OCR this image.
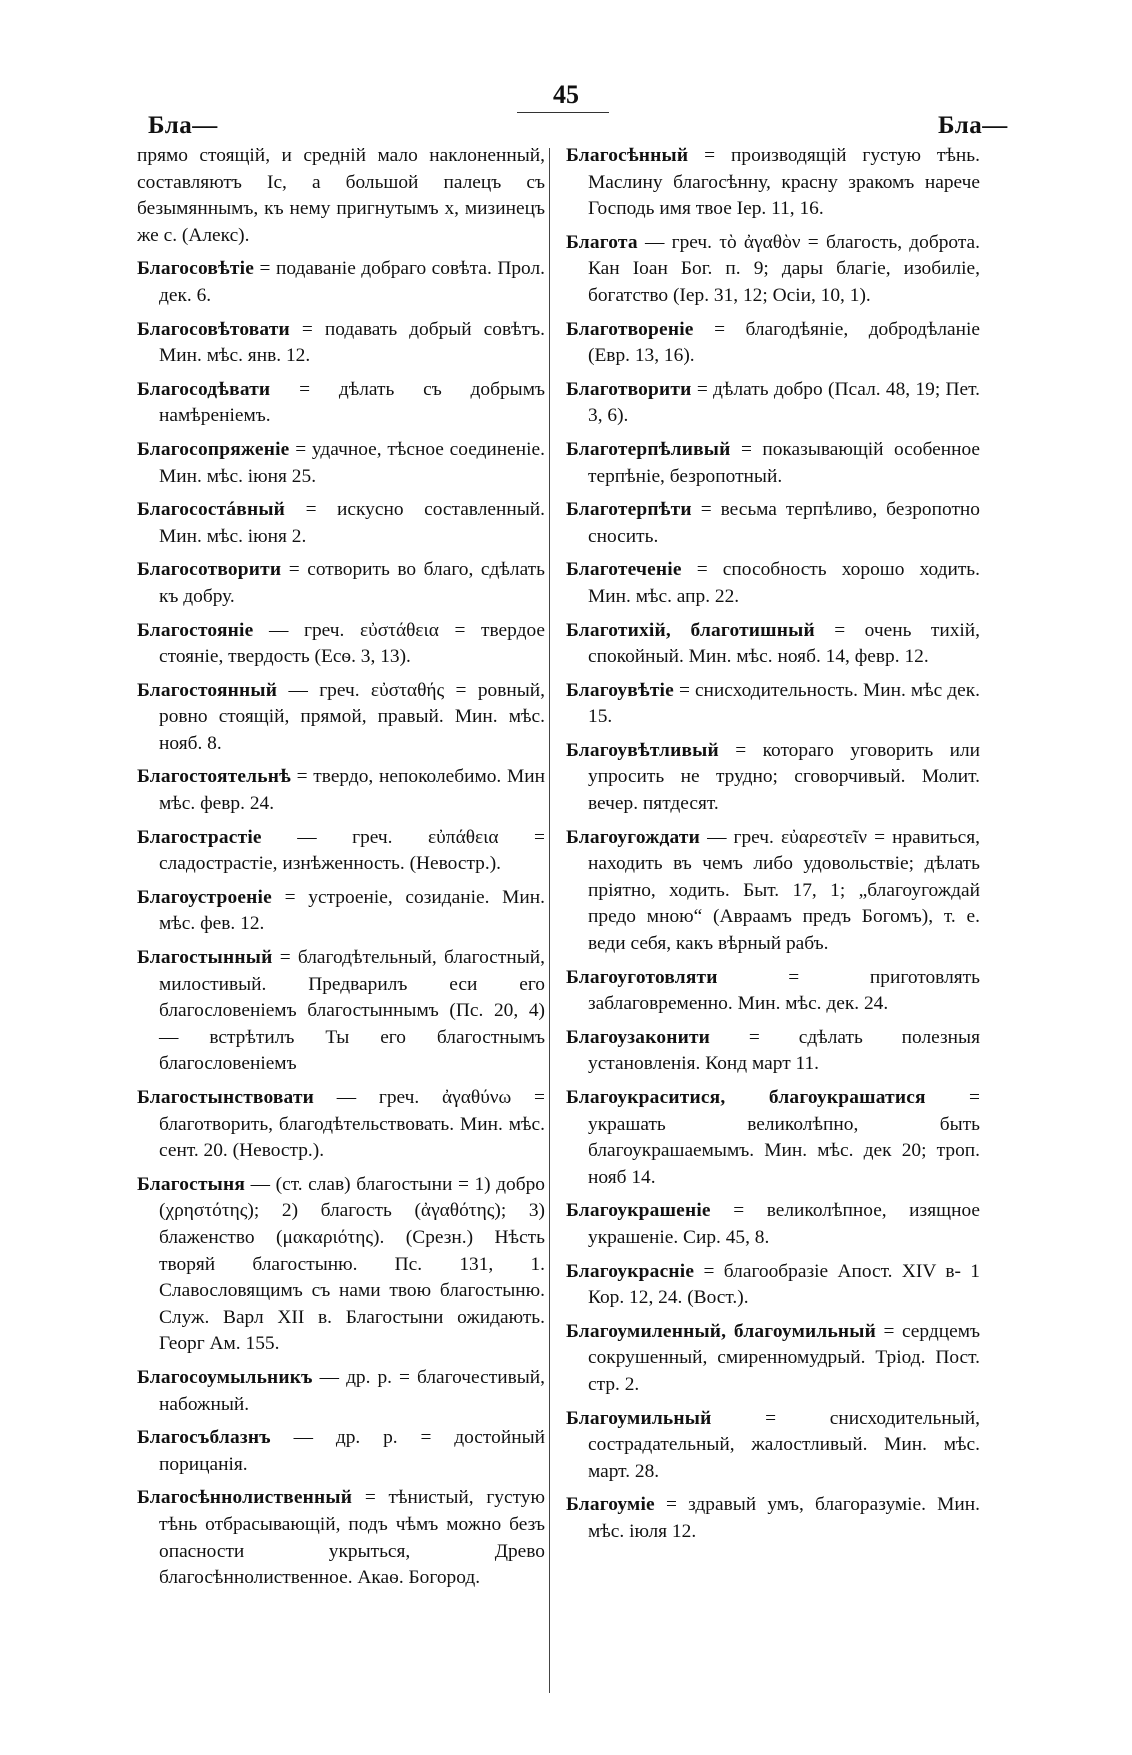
45
Бла—	Бла—

прямо стоящій, и средній мало наклоненный, составляютъ Іс, а большой палецъ съ безымяннымъ, къ нему пригнутымъ х, мизинецъ же с. (Алекс).

Благосовѣтіе = подаваніе добраго совѣта. Прол. дек. 6.

Благосовѣтовати = подавать добрый совѣтъ. Мин. мѣс. янв. 12.

Благосодѣвати = дѣлать съ добрымъ намѣреніемъ.

Благосопряженіе = удачное, тѣсное соединеніе. Мин. мѣс. іюня 25.

Благосостáвный = искусно составленный. Мин. мѣс. іюня 2.

Благосотворити = сотворить во благо, сдѣлать къ добру.

Благостояніе — греч. εὐστάθεια = твердое стояніе, твердость (Есѳ. 3, 13).

Благостоянный — греч. εὐσταθής = ровный, ровно стоящій, прямой, правый. Мин. мѣс. нояб. 8.

Благостоятельнѣ = твердо, непоколебимо. Мин мѣс. февр. 24.

Благострастіе — греч. εὐπάθεια = сладострастіе, изнѣженность. (Невостр.).

Благоустроеніе = устроеніе, созиданіе. Мин. мѣс. фев. 12.

Благостынный = благодѣтельный, благостный, милостивый. Предварилъ еси его благословеніемъ благостыннымъ (Пс. 20, 4) — встрѣтилъ Ты его благостнымъ благословеніемъ

Благостынствовати — греч. ἀγαθύνω = благотворить, благодѣтельствовать. Мин. мѣс. сент. 20. (Невостр.).

Благостыня — (ст. слав) благостыни = 1) добро (χρηστότης); 2) благость (ἀγαθότης); 3) блаженство (μακαριότης). (Срезн.) Нѣсть творяй благостыню. Пс. 131, 1. Славословящимъ съ нами твою благостыню. Служ. Варл XII в. Благостыни ожидають. Георг Ам. 155.

Благосоумыльникъ — др. р. = благочестивый, набожный.

Благосъблазнъ — др. р. = достойный порицанія.

Благосѣннолиственный = тѣнистый, густую тѣнь отбрасывающій, подъ чѣмъ можно безъ опасности укрыться, Древо благосѣннолиственное. Акаѳ. Богород.

Благосѣнный = производящій густую тѣнь. Маслину благосѣнну, красну зракомъ нарече Господь имя твое Іер. 11, 16.

Благота — греч. τὸ ἀγαθὸν = благость, доброта. Кан Іоан Бог. п. 9; дары благіе, изобиліе, богатство (Іер. 31, 12; Осіи, 10, 1).

Благотвореніе = благодѣяніе, добродѣланіе (Евр. 13, 16).

Благотворити = дѣлать добро (Псал. 48, 19; Пет. 3, 6).

Благотерпѣливый = показывающій особенное терпѣніе, безропотный.

Благотерпѣти = весьма терпѣливо, безропотно сносить.

Благотеченіе = способность хорошо ходить. Мин. мѣс. апр. 22.

Благотихій, благотишный = очень тихій, спокойный. Мин. мѣс. нояб. 14, февр. 12.

Благоувѣтіе = снисходительность. Мин. мѣс дек. 15.

Благоувѣтливый = котораго уговорить или упросить не трудно; сговорчивый. Молит. вечер. пятдесят.

Благоугождати — греч. εὐαρεστεῖν = нравиться, находить въ чемъ либо удовольствіе; дѣлать пріятно, ходить. Быт. 17, 1; „благоугождай предо мною“ (Авраамъ предъ Богомъ), т. е. веди себя, какъ вѣрный рабъ.

Благоуготовляти = приготовлять заблаговременно. Мин. мѣс. дек. 24.

Благоузаконити = сдѣлать полезныя установленія. Конд март 11.

Благоукраситися, благоукрашатися = украшать великолѣпно, быть благоукрашаемымъ. Мин. мѣс. дек 20; троп. нояб 14.

Благоукрашеніе = великолѣпное, изящное украшеніе. Сир. 45, 8.

Благоукрасніе = благообразіе Апост. XIV в- 1 Кор. 12, 24. (Вост.).

Благоумиленный, благоумильный = сердцемъ сокрушенный, смиренномудрый. Тріод. Пост. стр. 2.

Благоумильный = снисходительный, сострадательный, жалостливый. Мин. мѣс. март. 28.

Благоуміе = здравый умъ, благоразуміе. Мин. мѣс. іюля 12.
